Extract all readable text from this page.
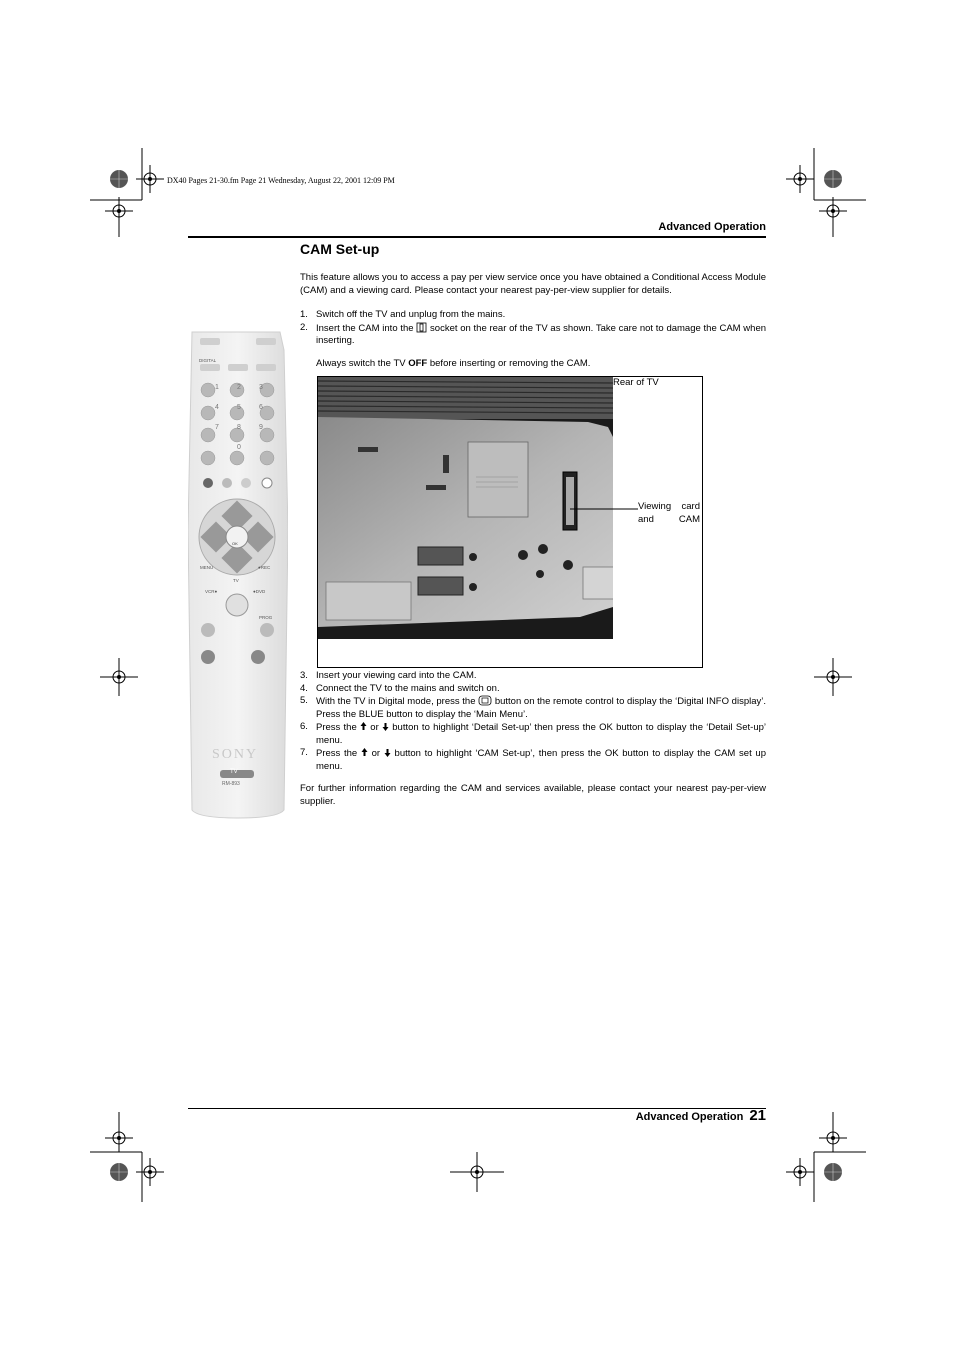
DX40 Pages 21-30.fm Page 21 Wednesday, August 22, 2001 12:09 PM
Advanced Operation
CAM Set-up
This feature allows you to access a pay per view service once you have obtained a Conditional Access Module (CAM) and a viewing card. Please contact your nearest pay-per-view supplier for details.
1. Switch off the TV and unplug from the mains.
2. Insert the CAM into the socket on the rear of the TV as shown. Take care not to damage the CAM when inserting.
Always switch the TV OFF before inserting or removing the CAM.
Rear of TV
Viewing card and CAM
3. Insert your viewing card into the CAM.
4. Connect the TV to the mains and switch on.
5. With the TV in Digital mode, press the button on the remote control to display the ‘Digital INFO display’. Press the BLUE button to display the ‘Main Menu’.
6. Press the or button to highlight ‘Detail Set-up’ then press the OK button to display the ‘Detail Set-up’ menu.
7. Press the or button to highlight ‘CAM Set-up’, then press the OK button to display the CAM set up menu.
For further information regarding the CAM and services available, please contact your nearest pay-per-view supplier.
DIGITAL
MENU	●REC
TV
VCR●	●DVD
PROG
OK
1	2	3
4	5	6
7	8	9
0
SONY
TV
RM-893
Advanced Operation 21
